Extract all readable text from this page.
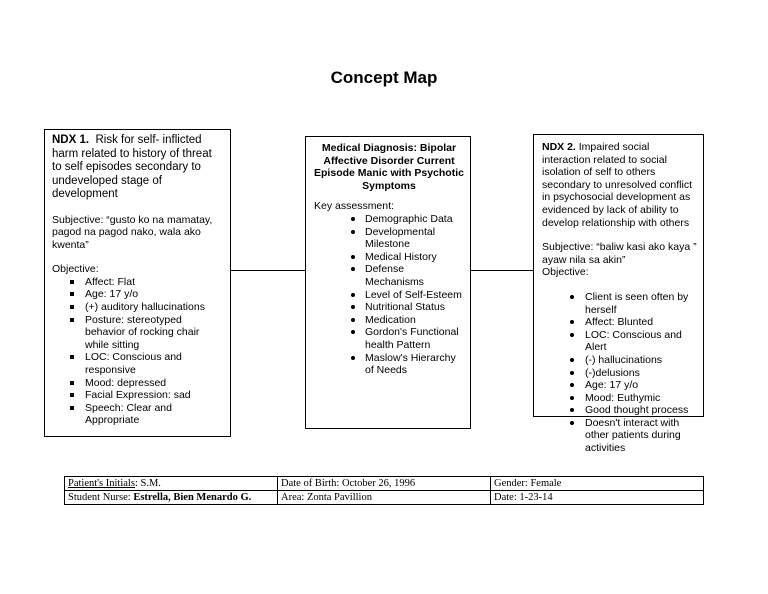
Concept Map
NDX 1. Risk for self- inflicted harm related to history of threat to self episodes secondary to undeveloped stage of development
Subjective: “gusto ko na mamatay, pagod na pagod nako, wala ako kwenta”
Objective:
Affect: Flat
Age: 17 y/o
(+) auditory hallucinations
Posture: stereotyped behavior of rocking chair while sitting
LOC: Conscious and responsive
Mood: depressed
Facial Expression: sad
Speech: Clear and Appropriate
Medical Diagnosis: Bipolar Affective Disorder Current Episode Manic with Psychotic Symptoms
Key assessment:
Demographic Data
Developmental Milestone
Medical History
Defense Mechanisms
Level of Self-Esteem
Nutritional Status
Medication
Gordon's Functional health Pattern
Maslow's Hierarchy of Needs
NDX 2. Impaired social interaction related to social isolation of self to others secondary to unresolved conflict in psychosocial development as evidenced by lack of ability to develop relationship with others
Subjective: “baliw kasi ako kaya ” ayaw nila sa akin”
Objective:
Client is seen often by herself
Affect: Blunted
LOC: Conscious and Alert
(-) hallucinations
(-)delusions
Age: 17 y/o
Mood: Euthymic
Good thought process
Doesn't interact with other patients during activities
Patient's Initials: S.M.	Date of Birth: October 26, 1996	Gender: Female
Student Nurse: Estrella, Bien Menardo G.	Area: Zonta Pavillion	Date: 1-23-14
